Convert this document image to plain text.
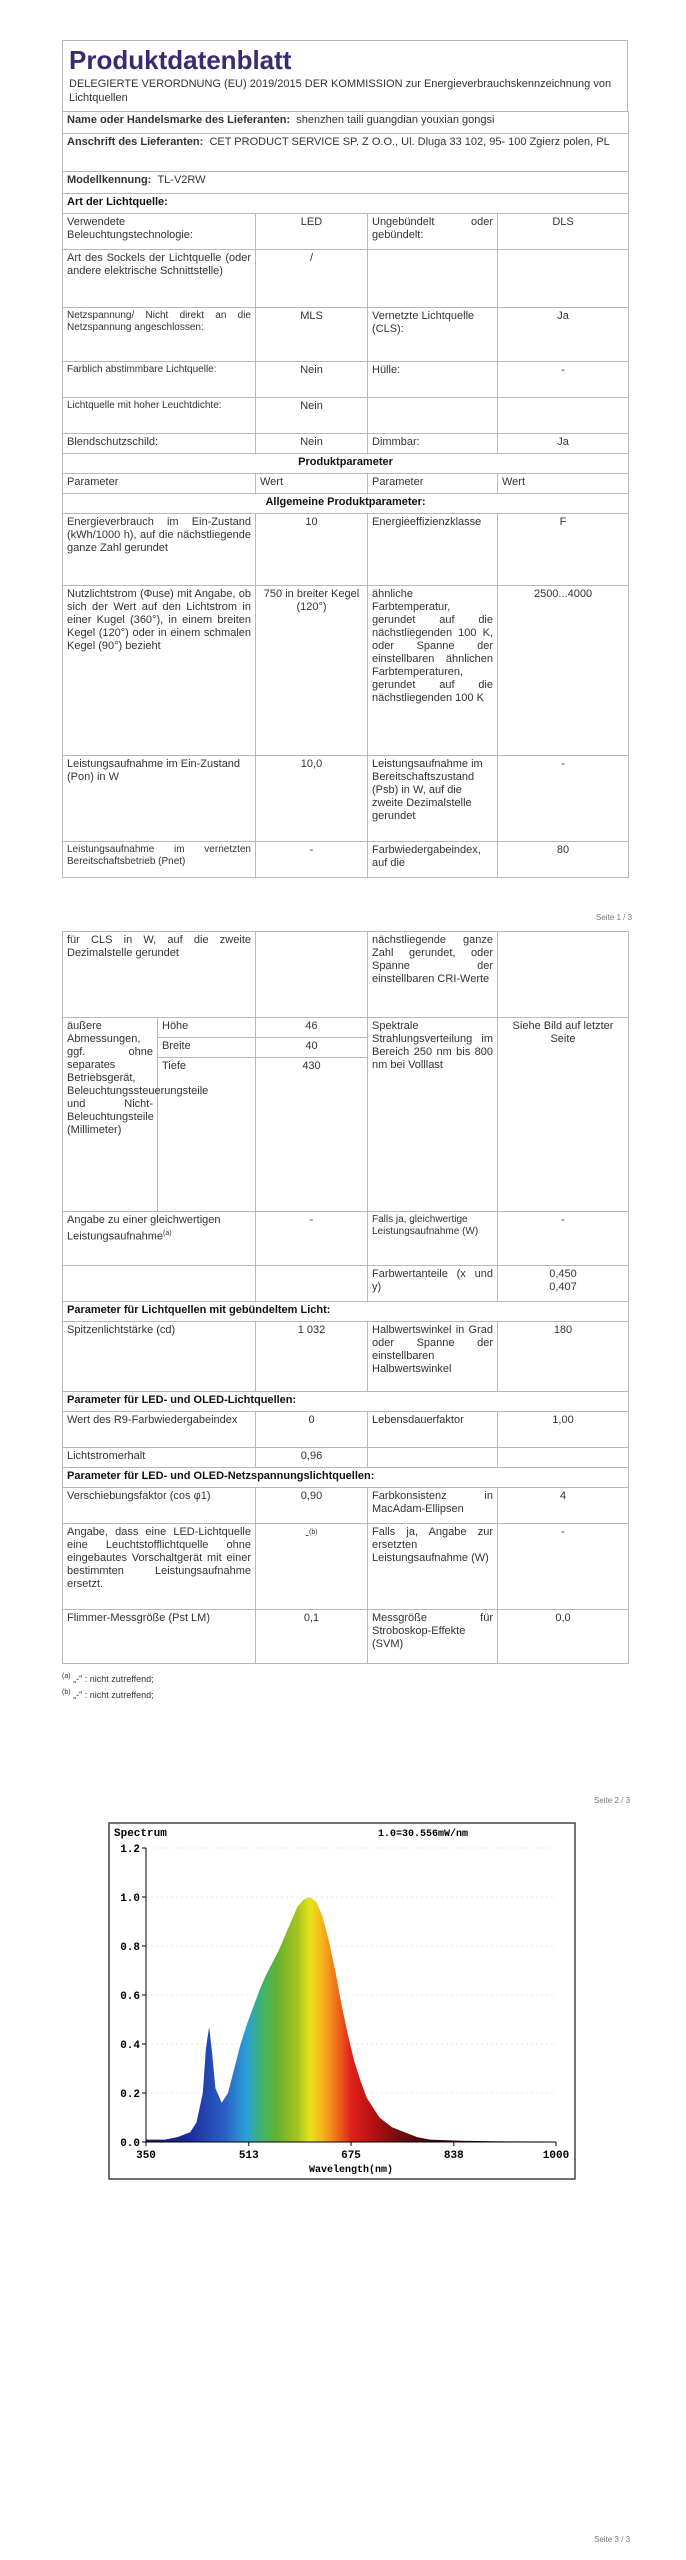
Produktdatenblatt
DELEGIERTE VERORDNUNG (EU) 2019/2015 DER KOMMISSION zur Energieverbrauchskennzeichnung von Lichtquellen
Name oder Handelsmarke des Lieferanten: shenzhen taili guangdian youxian gongsi			
Anschrift des Lieferanten: CET PRODUCT SERVICE SP. Z O.O., Ul. Dluga 33 102, 95- 100 Zgierz polen, PL			
Modellkennung: TL-V2RW			
Art der Lichtquelle:			
Verwendete Beleuchtungstechnologie:	LED	Ungebündelt oder gebündelt:	DLS
Art des Sockels der Lichtquelle (oder andere elektrische Schnittstelle)	/		
Netzspannung/ Nicht direkt an die Netzspannung angeschlossen:	MLS	Vernetzte Lichtquelle (CLS):	Ja
Farblich abstimmbare Lichtquelle:	Nein	Hülle:	-
Lichtquelle mit hoher Leuchtdichte:	Nein		
Blendschutzschild:	Nein	Dimmbar:	Ja
Produktparameter			
Parameter	Wert	Parameter	Wert
Allgemeine Produktparameter:			
Energieverbrauch im Ein-Zustand (kWh/1000 h), auf die nächstliegende ganze Zahl gerundet	10	Energieeffizienzklasse	F
Nutzlichtstrom (Φuse) mit Angabe, ob sich der Wert auf den Lichtstrom in einer Kugel (360°), in einem breiten Kegel (120°) oder in einem schmalen Kegel (90°) bezieht	750 in breiter Kegel (120°)	ähnliche Farbtemperatur, gerundet auf die nächstliegenden 100 K, oder Spanne der einstellbaren ähnlichen Farbtemperaturen, gerundet auf die nächstliegenden 100 K	2500...4000
Leistungsaufnahme im Ein-Zustand (Pon) in W	10,0	Leistungsaufnahme im Bereitschaftszustand (Psb) in W, auf die zweite Dezimalstelle gerundet	-
Leistungsaufnahme im vernetzten Bereitschaftsbetrieb (Pnet)	-	Farbwiedergabeindex, auf die	80
Seite 1 / 3
für CLS in W, auf die zweite Dezimalstelle gerundet			nächstliegende ganze Zahl gerundet, oder Spanne der einstellbaren CRI-Werte	
äußere Abmessungen, ggf. ohne separates Betriebsgerät, Beleuchtungssteuerungsteile und Nicht-Beleuchtungsteile (Millimeter)	Höhe	46	Spektrale Strahlungsverteilung im Bereich 250 nm bis 800 nm bei Volllast	Siehe Bild auf letzter Seite
	Breite	40		
	Tiefe	430		
Angabe zu einer gleichwertigen Leistungsaufnahme$^{(a)}$		-	Falls ja, gleichwertige Leistungsaufnahme (W)	-
			Farbwertanteile (x und y)	0,450
0,407
Parameter für Lichtquellen mit gebündeltem Licht:				
Spitzenlichtstärke (cd)		1 032	Halbwertswinkel in Grad oder Spanne der einstellbaren Halbwertswinkel	180
Parameter für LED- und OLED-Lichtquellen:				
Wert des R9-Farbwiedergabeindex		0	Lebensdauerfaktor	1,00
Lichtstromerhalt		0,96		
Parameter für LED- und OLED-Netzspannungslichtquellen:				
Verschiebungsfaktor (cos φ1)		0,90	Farbkonsistenz in MacAdam-Ellipsen	4
Angabe, dass eine LED-Lichtquelle eine Leuchtstofflichtquelle ohne eingebautes Vorschaltgerät mit einer bestimmten Leistungsaufnahme ersetzt.		-$^{(b)}$	Falls ja, Angabe zur ersetzten Leistungsaufnahme (W)	-
Flimmer-Messgröße (Pst LM)		0,1	Messgröße für Stroboskop-Effekte (SVM)	0,0
$^{(a)}$ „-" : nicht zutreffend;
$^{(b)}$ „-" : nicht zutreffend;
Seite 2 / 3
0.0
0.2
0.4
0.6
0.8
1.0
1.2
350	513	675	838	1000
Spectrum	1.0=30.556mW/nm
Wavelength(nm)
Seite 3 / 3
